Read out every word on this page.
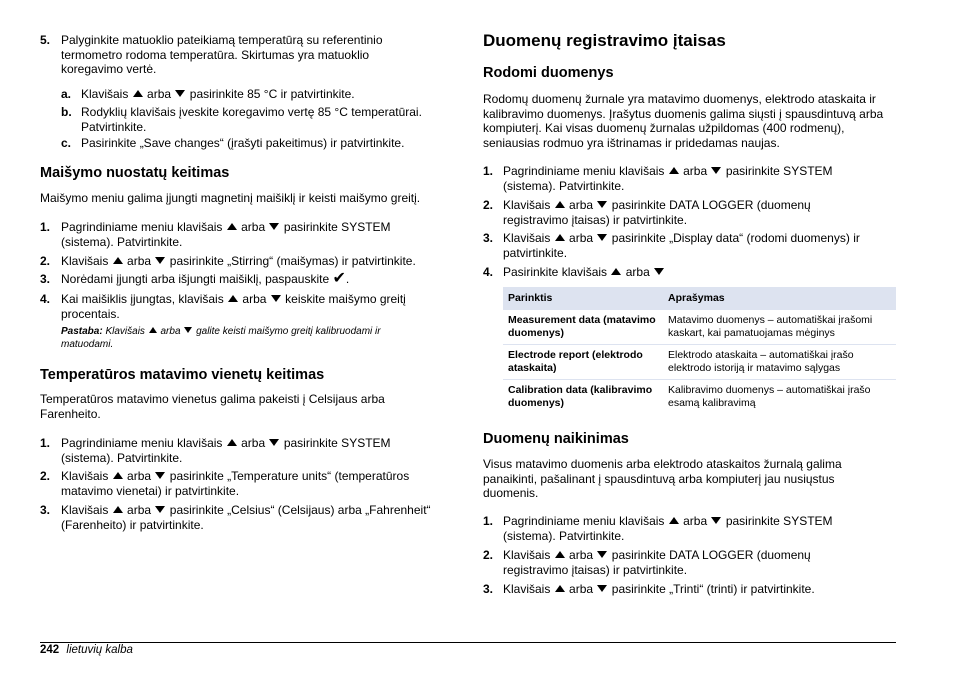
5. Palyginkite matuoklio pateikiamą temperatūrą su referentinio termometro rodoma temperatūra. Skirtumas yra matuoklio koregavimo vertė.
a. Klavišais arba pasirinkite 85 °C ir patvirtinkite.
b. Rodyklių klavišais įveskite koregavimo vertę 85 °C temperatūrai. Patvirtinkite.
c. Pasirinkite „Save changes“ (įrašyti pakeitimus) ir patvirtinkite.
Maišymo nuostatų keitimas
Maišymo meniu galima įjungti magnetinį maišiklį ir keisti maišymo greitį.
1. Pagrindiniame meniu klavišais arba pasirinkite SYSTEM (sistema). Patvirtinkite.
2. Klavišais arba pasirinkite „Stirring“ (maišymas) ir patvirtinkite.
3. Norėdami įjungti arba išjungti maišiklį, paspauskite ✔.
4. Kai maišiklis įjungtas, klavišais arba keiskite maišymo greitį procentais.
Pastaba: Klavišais arba galite keisti maišymo greitį kalibruodami ir matuodami.
Temperatūros matavimo vienetų keitimas
Temperatūros matavimo vienetus galima pakeisti į Celsijaus arba Farenheito.
1. Pagrindiniame meniu klavišais arba pasirinkite SYSTEM (sistema). Patvirtinkite.
2. Klavišais arba pasirinkite „Temperature units“ (temperatūros matavimo vienetai) ir patvirtinkite.
3. Klavišais arba pasirinkite „Celsius“ (Celsijaus) arba „Fahrenheit“ (Farenheito) ir patvirtinkite.
Duomenų registravimo įtaisas
Rodomi duomenys
Rodomų duomenų žurnale yra matavimo duomenys, elektrodo ataskaita ir kalibravimo duomenys. Įrašytus duomenis galima siųsti į spausdintuvą arba kompiuterį. Kai visas duomenų žurnalas užpildomas (400 rodmenų), seniausias rodmuo yra ištrinamas ir pridedamas naujas.
1. Pagrindiniame meniu klavišais arba pasirinkite SYSTEM (sistema). Patvirtinkite.
2. Klavišais arba pasirinkite DATA LOGGER (duomenų registravimo įtaisas) ir patvirtinkite.
3. Klavišais arba pasirinkite „Display data“ (rodomi duomenys) ir patvirtinkite.
4. Pasirinkite klavišais arba
Parinktis	Aprašymas
Measurement data (matavimo duomenys)	Matavimo duomenys – automatiškai įrašomi kaskart, kai pamatuojamas mėginys
Electrode report (elektrodo ataskaita)	Elektrodo ataskaita – automatiškai įrašo elektrodo istoriją ir matavimo sąlygas
Calibration data (kalibravimo duomenys)	Kalibravimo duomenys – automatiškai įrašo esamą kalibravimą
Duomenų naikinimas
Visus matavimo duomenis arba elektrodo ataskaitos žurnalą galima panaikinti, pašalinant į spausdintuvą arba kompiuterį jau nusiųstus duomenis.
1. Pagrindiniame meniu klavišais arba pasirinkite SYSTEM (sistema). Patvirtinkite.
2. Klavišais arba pasirinkite DATA LOGGER (duomenų registravimo įtaisas) ir patvirtinkite.
3. Klavišais arba pasirinkite „Trinti“ (trinti) ir patvirtinkite.
242 lietuvių kalba
